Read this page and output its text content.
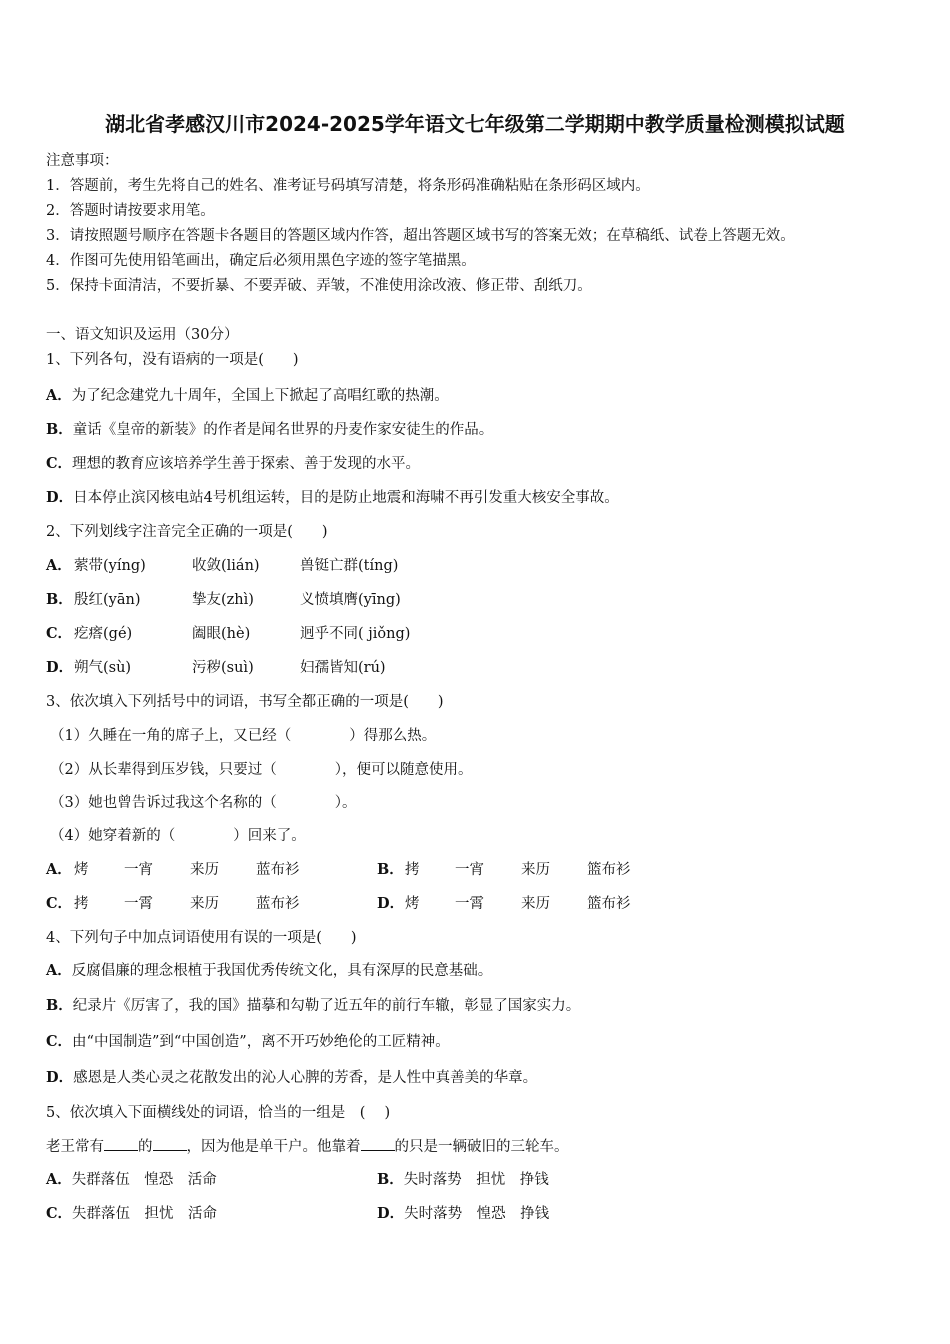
湖北省孝感汉川市2024-2025学年语文七年级第二学期期中教学质量检测模拟试题
注意事项：
1．答题前，考生先将自己的姓名、准考证号码填写清楚，将条形码准确粘贴在条形码区域内。
2．答题时请按要求用笔。
3．请按照题号顺序在答题卡各题目的答题区域内作答，超出答题区域书写的答案无效；在草稿纸、试卷上答题无效。
4．作图可先使用铅笔画出，确定后必须用黑色字迹的签字笔描黑。
5．保持卡面清洁，不要折暴、不要弄破、弄皱，不准使用涂改液、修正带、刮纸刀。
一、语文知识及运用（30分）
1、下列各句，没有语病的一项是(　　)
A．为了纪念建党九十周年，全国上下掀起了高唱红歌的热潮。
B．童话《皇帝的新装》的作者是闻名世界的丹麦作家安徒生的作品。
C．理想的教育应该培养学生善于探索、善于发现的水平。
D．日本停止滨冈核电站4号机组运转，目的是防止地震和海啸不再引发重大核安全事故。
2、下列划线字注音完全正确的一项是(　　)
A． 萦带(yíng)	收敛(lián)	兽铤亡群(tíng)
B．殷红(yān)	挚友(zhì)	义愤填膺(yīng)
C． 疙瘩(gé)	阖眼(hè)	迥乎不同( jiǒng)
D．朔气(sù)	污秽(suì)	妇孺皆知(rú)
3、依次填入下列括号中的词语，书写全都正确的一项是(　　)
（1）久睡在一角的席子上，又已经（　　　　）得那么热。
（2）从长辈得到压岁钱，只要过（　　　　），便可以随意使用。
（3）她也曾告诉过我这个名称的（　　　　）。
（4）她穿着新的（　　　　）回来了。
A． 烤 一宵	来历	蓝布衫	B．拷 一宵	来历	篮布衫
C． 拷 一霄	来历	蓝布衫	D．烤 一霄	来历	篮布衫
4、下列句子中加点词语使用有误的一项是(　　)
A．反腐倡廉的理念根植于我国优秀传统文化，具有深厚的民意基础。
B．纪录片《厉害了，我的国》描摹和勾勒了近五年的前行车辙，彰显了国家实力。
C．由“中国制造”到“中国创造”，离不开巧妙绝伦的工匠精神。
D．感恩是人类心灵之花散发出的沁人心脾的芳香，是人性中真善美的华章。
5、依次填入下面横线处的词语，恰当的一组是　(　 )
老王常有 的 ，因为他是单干户。他靠着 的只是一辆破旧的三轮车。
A．失群落伍　惶恐　活命	B．失时落势　担忧　挣钱
C．失群落伍　担忧　活命	D．失时落势　惶恐　挣钱
